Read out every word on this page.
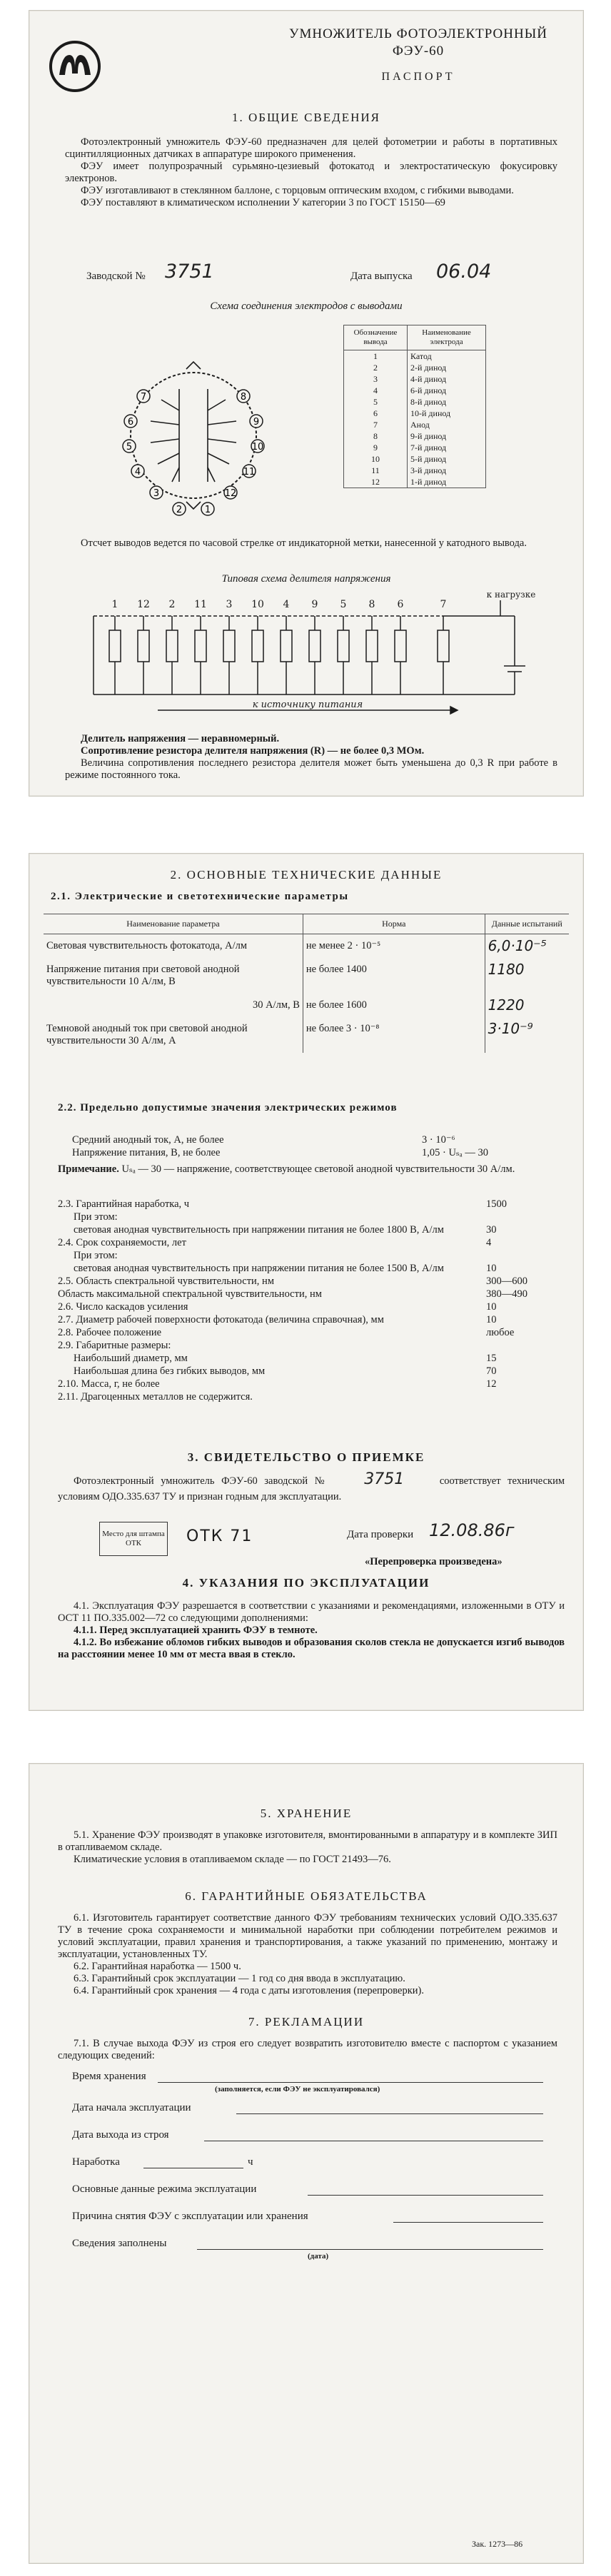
УМНОЖИТЕЛЬ ФОТОЭЛЕКТРОННЫЙ
ФЭУ-60
ПАСПОРТ
1. ОБЩИЕ СВЕДЕНИЯ

Фотоэлектронный умножитель ФЭУ-60 предназначен для целей фотометрии и работы в портативных сцинтилляционных датчиках в аппаратуре широкого применения.

ФЭУ имеет полупрозрачный сурьмяно-цезиевый фотокатод и электростатическую фокусировку электронов.

ФЭУ изготавливают в стеклянном баллоне, с торцовым оптическим входом, с гибкими выводами.

ФЭУ поставляют в климатическом исполнении У категории 3 по ГОСТ 15150—69

Заводской № 3751	Дата выпуска 06.04
Схема соединения электродов с выводами
7
6
5
4
3
2 1
12
11
10
9
8
Обозначение вывода	Наименование электрода
1	Катод
2	2-й динод
3	4-й динод
4	6-й динод
5	8-й динод
6	10-й динод
7	Анод
8	9-й динод
9	7-й динод
10	5-й динод
11	3-й динод
12	1-й динод
Отсчет выводов ведется по часовой стрелке от индикаторной метки, нанесенной у катодного вывода.
Типовая схема делителя напряжения
1 12 2 11 3 10 4 9 5 8 6	7
к нагрузке
к источнику питания

Делитель напряжения — неравномерный.

Сопротивление резистора делителя напряжения (R) — не более 0,3 МОм.

Величина сопротивления последнего резистора делителя может быть уменьшена до 0,3 R при работе в режиме постоянного тока.

2. ОСНОВНЫЕ ТЕХНИЧЕСКИЕ ДАННЫЕ
2.1. Электрические и светотехнические параметры
Наименование параметра	Норма	Данные испытаний
Световая чувствительность фотокатода, А/лм	не менее 2 · 10⁻⁵	6,0·10⁻⁵
Напряжение питания при световой анодной чувствительности 10 А/лм, В	не более 1400	1180
30 А/лм, В	не более 1600	1220
Темновой анодный ток при световой анодной чувствительности 30 А/лм, А	не более 3 · 10⁻⁸	3·10⁻⁹
2.2. Предельно допустимые значения электрических режимов
Средний анодный ток, А, не более	3 · 10⁻⁶
Напряжение питания, В, не более	1,05 · Uₛₐ — 30
Примечание. Uₛₐ — 30 — напряжение, соответствующее световой анодной чувствительности 30 А/лм.
2.3. Гарантийная наработка, ч	1500
При этом:
световая анодная чувствительность при напряжении питания не более 1800 В, А/лм	30
2.4. Срок сохраняемости, лет	4
При этом:
световая анодная чувствительность при напряжении питания не более 1500 В, А/лм	10
2.5. Область спектральной чувствительности, нм	300—600
Область максимальной спектральной чувствительности, нм	380—490
2.6. Число каскадов усиления	10
2.7. Диаметр рабочей поверхности фотокатода (величина справочная), мм	10
2.8. Рабочее положение	любое
2.9. Габаритные размеры:
Наибольший диаметр, мм	15
Наибольшая длина без гибких выводов, мм	70
2.10. Масса, г, не более	12
2.11. Драгоценных металлов не содержится.
3. СВИДЕТЕЛЬСТВО О ПРИЕМКЕ
Фотоэлектронный умножитель ФЭУ-60 заводской № 3751	соответствует техническим условиям ОДО.335.637 ТУ и признан годным для эксплуатации.
Место для штампа ОТК	ОТК 71	Дата проверки 12.08.86г
«Перепроверка произведена»
4. УКАЗАНИЯ ПО ЭКСПЛУАТАЦИИ

4.1. Эксплуатация ФЭУ разрешается в соответствии с указаниями и рекомендациями, изложенными в ОТУ и ОСТ 11 ПО.335.002—72 со следующими дополнениями:

4.1.1. Перед эксплуатацией хранить ФЭУ в темноте.

4.1.2. Во избежание обломов гибких выводов и образования сколов стекла не допускается изгиб выводов на расстоянии менее 10 мм от места ввая в стекло.

5. ХРАНЕНИЕ

5.1. Хранение ФЭУ производят в упаковке изготовителя, вмонтированными в аппаратуру и в комплекте ЗИП в отапливаемом складе.

Климатические условия в отапливаемом складе — по ГОСТ 21493—76.

6. ГАРАНТИЙНЫЕ ОБЯЗАТЕЛЬСТВА

6.1. Изготовитель гарантирует соответствие данного ФЭУ требованиям технических условий ОДО.335.637 ТУ в течение срока сохраняемости и минимальной наработки при соблюдении потребителем режимов и условий эксплуатации, правил хранения и транспортирования, а также указаний по применению, монтажу и эксплуатации, установленных ТУ.

6.2. Гарантийная наработка — 1500 ч.

6.3. Гарантийный срок эксплуатации — 1 год со дня ввода в эксплуатацию.

6.4. Гарантийный срок хранения — 4 года с даты изготовления (перепроверки).

7. РЕКЛАМАЦИИ
7.1. В случае выхода ФЭУ из строя его следует возвратить изготовителю вместе с паспортом с указанием следующих сведений:
Время хранения
(заполняется, если ФЭУ не эксплуатировался)
Дата начала эксплуатации
Дата выхода из строя
Наработка	ч
Основные данные режима эксплуатации
Причина снятия ФЭУ с эксплуатации или хранения
Сведения заполнены
(дата)
Зак. 1273—86
